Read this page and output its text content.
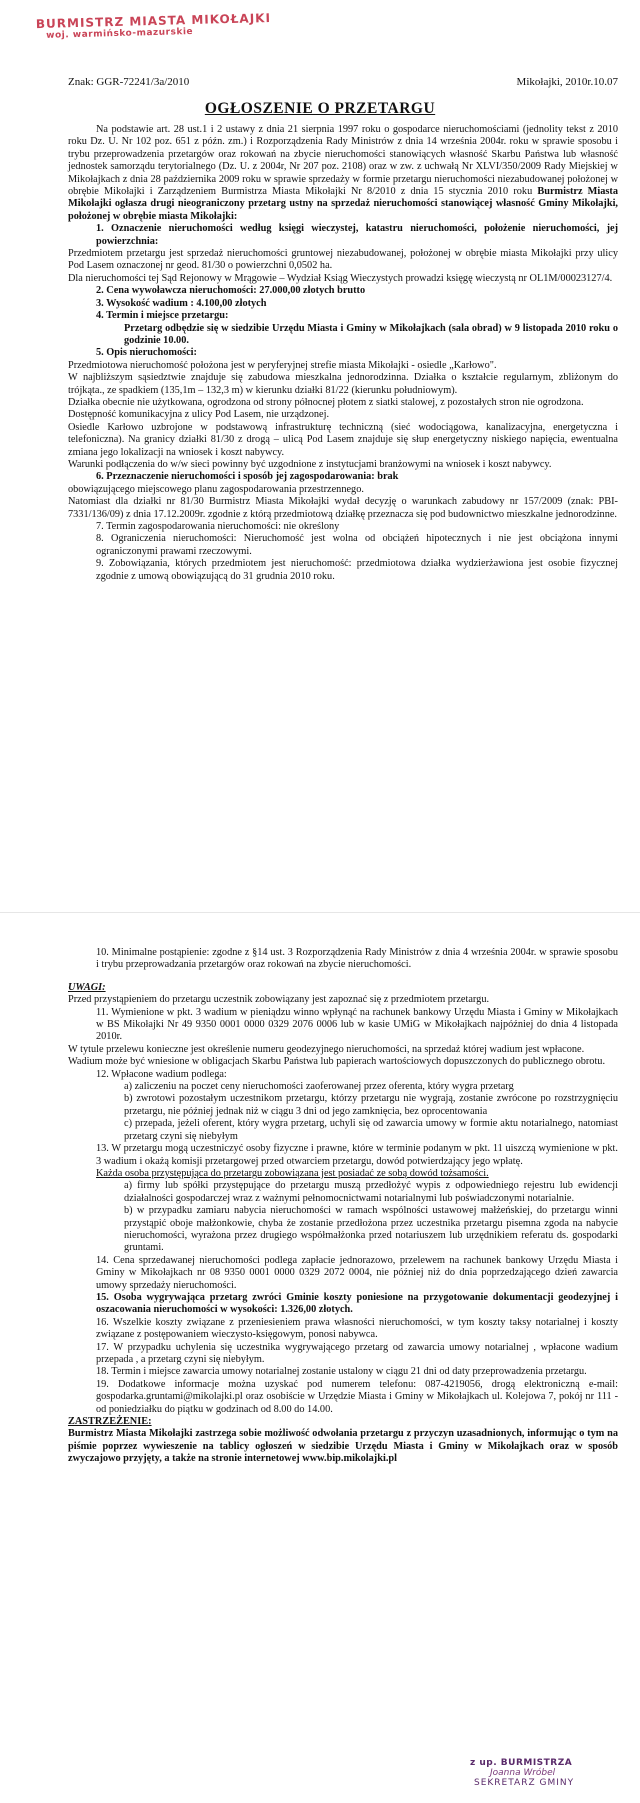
BURMISTRZ MIASTA MIKOŁAJKI
woj. warmińsko-mazurskie
Znak: GGR-72241/3a/2010	Mikołajki, 2010r.10.07
OGŁOSZENIE O PRZETARGU

Na podstawie art. 28 ust.1 i 2 ustawy z dnia 21 sierpnia 1997 roku o gospodarce nieruchomościami (jednolity tekst z 2010 roku Dz. U. Nr 102 poz. 651 z późn. zm.) i Rozporządzenia Rady Ministrów z dnia 14 września 2004r. roku w sprawie sposobu i trybu przeprowadzenia przetargów oraz rokowań na zbycie nieruchomości stanowiących własność Skarbu Państwa lub własność jednostek samorządu terytorialnego (Dz. U. z 2004r, Nr 207 poz. 2108) oraz w zw. z uchwałą Nr XLVI/350/2009 Rady Miejskiej w Mikołajkach z dnia 28 października 2009 roku w sprawie sprzedaży w formie przetargu nieruchomości niezabudowanej położonej w obrębie Mikołajki i Zarządzeniem Burmistrza Miasta Mikołajki Nr 8/2010 z dnia 15 stycznia 2010 roku Burmistrz Miasta Mikołajki ogłasza drugi nieograniczony przetarg ustny na sprzedaż nieruchomości stanowiącej własność Gminy Mikołajki, położonej w obrębie miasta Mikołajki:

1. Oznaczenie nieruchomości według księgi wieczystej, katastru nieruchomości, położenie nieruchomości, jej powierzchnia:

Przedmiotem przetargu jest sprzedaż nieruchomości gruntowej niezabudowanej, położonej w obrębie miasta Mikołajki przy ulicy Pod Lasem oznaczonej nr geod. 81/30 o powierzchni 0,0502 ha.

Dla nieruchomości tej Sąd Rejonowy w Mrągowie – Wydział Ksiąg Wieczystych prowadzi księgę wieczystą nr OL1M/00023127/4.

2. Cena wywoławcza nieruchomości: 27.000,00 złotych brutto

3. Wysokość wadium : 4.100,00 złotych

4. Termin i miejsce przetargu:

Przetarg odbędzie się w siedzibie Urzędu Miasta i Gminy w Mikołajkach (sala obrad) w 9 listopada 2010 roku o godzinie 10.00.

5. Opis nieruchomości:

Przedmiotowa nieruchomość położona jest w peryferyjnej strefie miasta Mikołajki - osiedle „Karłowo".

W najbliższym sąsiedztwie znajduje się zabudowa mieszkalna jednorodzinna. Działka o kształcie regularnym, zbliżonym do trójkąta., ze spadkiem (135,1m – 132,3 m) w kierunku działki 81/22 (kierunku południowym).

Działka obecnie nie użytkowana, ogrodzona od strony północnej płotem z siatki stalowej, z pozostałych stron nie ogrodzona.

Dostępność komunikacyjna z ulicy Pod Lasem, nie urządzonej.

Osiedle Karłowo uzbrojone w podstawową infrastrukturę techniczną (sieć wodociągowa, kanalizacyjna, energetyczna i telefoniczna). Na granicy działki 81/30 z drogą – ulicą Pod Lasem znajduje się słup energetyczny niskiego napięcia, ewentualna zmiana jego lokalizacji na wniosek i koszt nabywcy.

Warunki podłączenia do w/w sieci powinny być uzgodnione z instytucjami branżowymi na wniosek i koszt nabywcy.

6. Przeznaczenie nieruchomości i sposób jej zagospodarowania: brak

obowiązującego miejscowego planu zagospodarowania przestrzennego.

Natomiast dla działki nr 81/30 Burmistrz Miasta Mikołajki wydał decyzję o warunkach zabudowy nr 157/2009 (znak: PBI-7331/136/09) z dnia 17.12.2009r. zgodnie z którą przedmiotową działkę przeznacza się pod budownictwo mieszkalne jednorodzinne.

7. Termin zagospodarowania nieruchomości: nie określony

8. Ograniczenia nieruchomości: Nieruchomość jest wolna od obciążeń hipotecznych i nie jest obciążona innymi ograniczonymi prawami rzeczowymi.

9. Zobowiązania, których przedmiotem jest nieruchomość: przedmiotowa działka wydzierżawiona jest osobie fizycznej zgodnie z umową obowiązującą do 31 grudnia 2010 roku.

10. Minimalne postąpienie: zgodne z §14 ust. 3 Rozporządzenia Rady Ministrów z dnia 4 września 2004r. w sprawie sposobu i trybu przeprowadzania przetargów oraz rokowań na zbycie nieruchomości.

UWAGI:

Przed przystąpieniem do przetargu uczestnik zobowiązany jest zapoznać się z przedmiotem przetargu.

11. Wymienione w pkt. 3 wadium w pieniądzu winno wpłynąć na rachunek bankowy Urzędu Miasta i Gminy w Mikołajkach w BS Mikołajki Nr 49 9350 0001 0000 0329 2076 0006 lub w kasie UMiG w Mikołajkach najpóźniej do dnia 4 listopada 2010r.

W tytule przelewu konieczne jest określenie numeru geodezyjnego nieruchomości, na sprzedaż której wadium jest wpłacone.

Wadium może być wniesione w obligacjach Skarbu Państwa lub papierach wartościowych dopuszczonych do publicznego obrotu.

12. Wpłacone wadium podlega:

a) zaliczeniu na poczet ceny nieruchomości zaoferowanej przez oferenta, który wygra przetarg

b) zwrotowi pozostałym uczestnikom przetargu, którzy przetargu nie wygrają, zostanie zwrócone po rozstrzygnięciu przetargu, nie później jednak niż w ciągu 3 dni od jego zamknięcia, bez oprocentowania

c) przepada, jeżeli oferent, który wygra przetarg, uchyli się od zawarcia umowy w formie aktu notarialnego, natomiast przetarg czyni się niebyłym

13. W przetargu mogą uczestniczyć osoby fizyczne i prawne, które w terminie podanym w pkt. 11 uiszczą wymienione w pkt. 3 wadium i okażą komisji przetargowej przed otwarciem przetargu, dowód potwierdzający jego wpłatę.

Każda osoba przystępująca do przetargu zobowiązana jest posiadać ze sobą dowód tożsamości.

a) firmy lub spółki przystępujące do przetargu muszą przedłożyć wypis z odpowiedniego rejestru lub ewidencji działalności gospodarczej wraz z ważnymi pełnomocnictwami notarialnymi lub poświadczonymi notarialnie.

b) w przypadku zamiaru nabycia nieruchomości w ramach wspólności ustawowej małżeńskiej, do przetargu winni przystąpić oboje małżonkowie, chyba że zostanie przedłożona przez uczestnika przetargu pisemna zgoda na nabycie nieruchomości, wyrażona przez drugiego współmałżonka przed notariuszem lub urzędnikiem referatu ds. gospodarki gruntami.

14. Cena sprzedawanej nieruchomości podlega zapłacie jednorazowo, przelewem na rachunek bankowy Urzędu Miasta i Gminy w Mikołajkach nr 08 9350 0001 0000 0329 2072 0004, nie później niż do dnia poprzedzającego dzień zawarcia umowy sprzedaży nieruchomości.

15. Osoba wygrywająca przetarg zwróci Gminie koszty poniesione na przygotowanie dokumentacji geodezyjnej i oszacowania nieruchomości w wysokości: 1.326,00 złotych.

16. Wszelkie koszty związane z przeniesieniem prawa własności nieruchomości, w tym koszty taksy notarialnej i koszty związane z postępowaniem wieczysto-księgowym, ponosi nabywca.

17. W przypadku uchylenia się uczestnika wygrywającego przetarg od zawarcia umowy notarialnej , wpłacone wadium przepada , a przetarg czyni się niebyłym.

18. Termin i miejsce zawarcia umowy notarialnej zostanie ustalony w ciągu 21 dni od daty przeprowadzenia przetargu.

19. Dodatkowe informacje można uzyskać pod numerem telefonu: 087-4219056, drogą elektroniczną e-mail: gospodarka.gruntami@mikolajki.pl oraz osobiście w Urzędzie Miasta i Gminy w Mikołajkach ul. Kolejowa 7, pokój nr 111 - od poniedziałku do piątku w godzinach od 8.00 do 14.00.

ZASTRZEŻENIE:

Burmistrz Miasta Mikołajki zastrzega sobie możliwość odwołania przetargu z przyczyn uzasadnionych, informując o tym na piśmie poprzez wywieszenie na tablicy ogłoszeń w siedzibie Urzędu Miasta i Gminy w Mikołajkach oraz w sposób zwyczajowo przyjęty, a także na stronie internetowej www.bip.mikolajki.pl

z up. BURMISTRZA
Joanna Wróbel
SEKRETARZ GMINY
